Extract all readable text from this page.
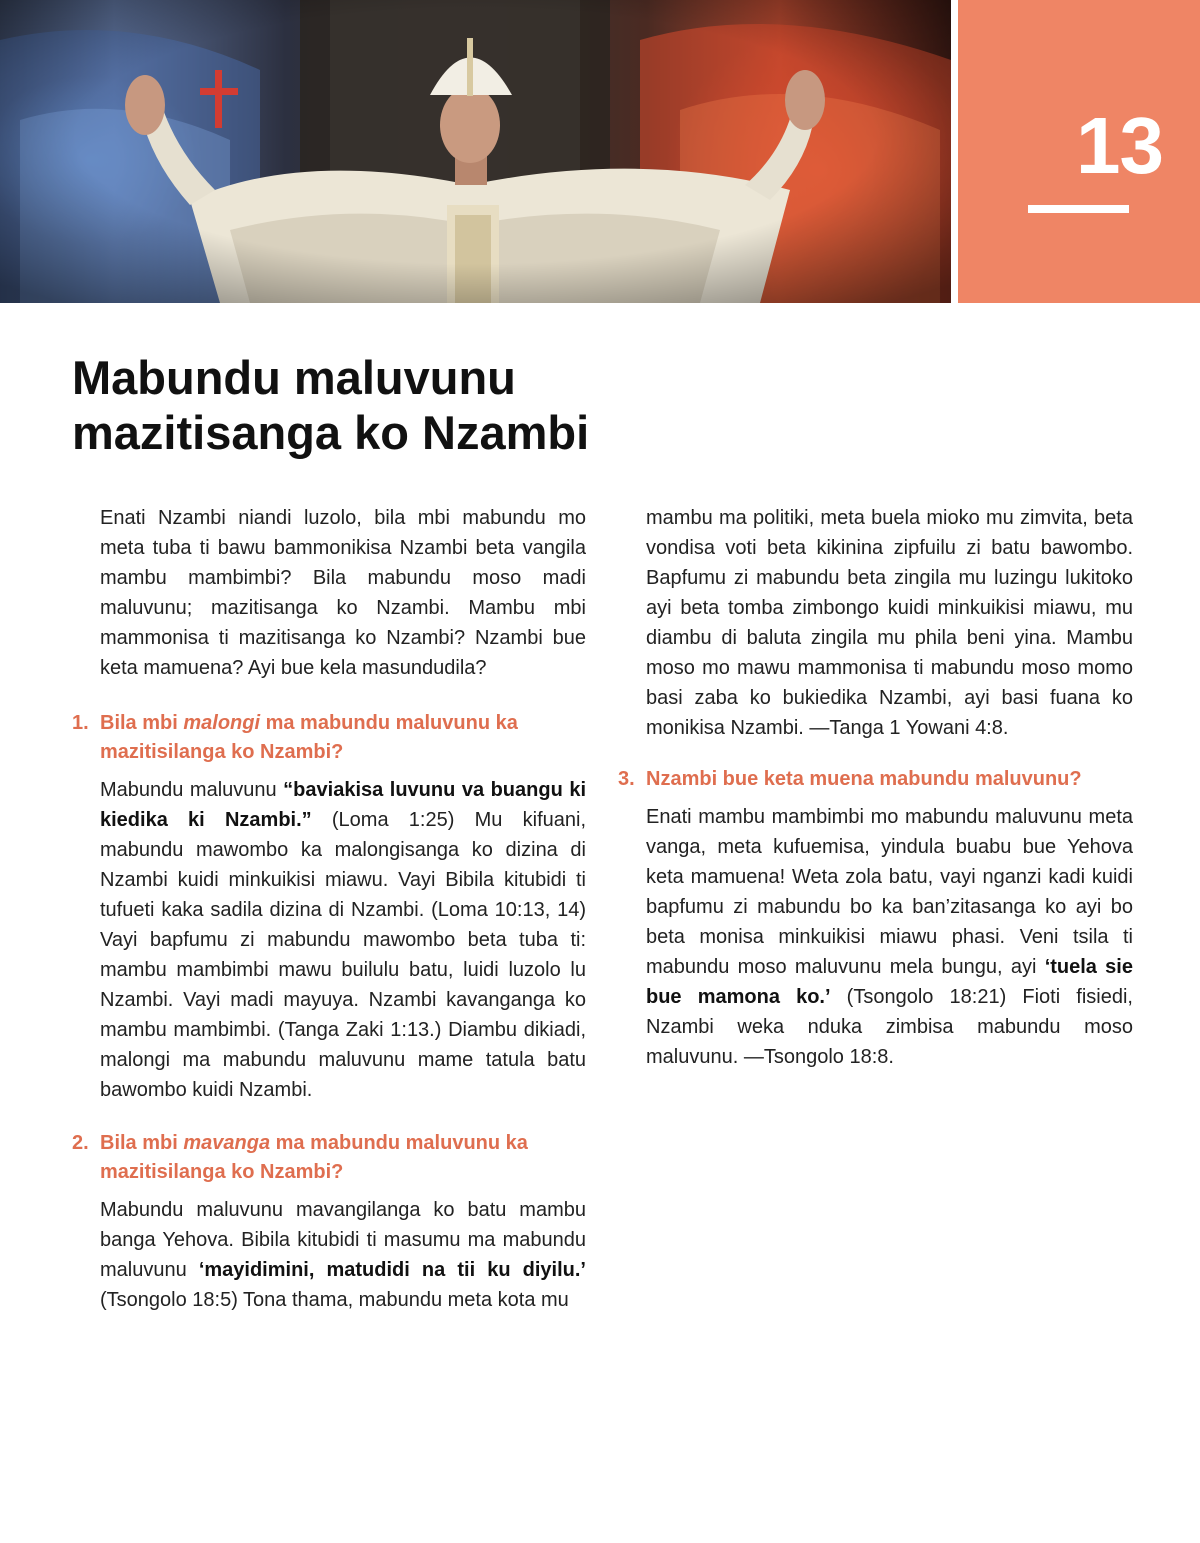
13
Mabundu maluvunu
mazitisanga ko Nzambi

Enati Nzambi niandi luzolo, bila mbi mabundu mo meta tuba ti bawu bammonikisa Nzambi beta vangila mambu mambimbi? Bila mabundu moso madi maluvunu; mazitisanga ko Nzambi. Mambu mbi mammonisa ti mazitisanga ko Nzambi? Nzambi bue keta mamuena? Ayi bue kela masundudila?

1. Bila mbi malongi ma mabundu maluvunu ka mazitisilanga ko Nzambi?

Mabundu maluvunu “baviakisa luvunu va buangu ki kiedika ki Nzambi.” (Loma 1:25) Mu kifuani, mabundu mawombo ka malongisanga ko dizina di Nzambi kuidi minkuikisi miawu. Vayi Bibila kitubidi ti tufueti kaka sadila dizina di Nzambi. (Loma 10:13, 14) Vayi bapfumu zi mabundu mawombo beta tuba ti: mambu mambimbi mawu builulu batu, luidi luzolo lu Nzambi. Vayi madi mayuya. Nzambi kavanganga ko mambu mambimbi. (Tanga Zaki 1:13.) Diambu dikiadi, malongi ma mabundu maluvunu mame tatula batu bawombo kuidi Nzambi.

2. Bila mbi mavanga ma mabundu maluvunu ka mazitisilanga ko Nzambi?

Mabundu maluvunu mavangilanga ko batu mambu banga Yehova. Bibila kitubidi ti masumu ma mabundu maluvunu ‘mayidimini, matudidi na tii ku diyilu.’ (Tsongolo 18:5) Tona thama, mabundu meta kota mu

3. Nzambi bue keta muena mabundu maluvunu?

Enati mambu mambimbi mo mabundu maluvunu meta vanga, meta kufuemisa, yindula buabu bue Yehova keta mamuena! Weta zola batu, vayi nganzi kadi kuidi bapfumu zi mabundu bo ka ban’zitasanga ko ayi bo beta monisa minkuikisi miawu phasi. Veni tsila ti mabundu moso maluvunu mela bungu, ayi ‘tuela sie bue mamona ko.’ (Tsongolo 18:21) Fioti fisiedi, Nzambi weka nduka zimbisa mabundu moso maluvunu. —Tsongolo 18:8.

mambu ma politiki, meta buela mioko mu zimvita, beta vondisa voti beta kikinina zipfuilu zi batu bawombo. Bapfumu zi mabundu beta zingila mu luzingu lukitoko ayi beta tomba zimbongo kuidi minkuikisi miawu, mu diambu di baluta zingila mu phila beni yina. Mambu moso mo mawu mammonisa ti mabundu moso momo basi zaba ko bukiedika Nzambi, ayi basi fuana ko monikisa Nzambi. —Tanga 1 Yowani 4:8.
